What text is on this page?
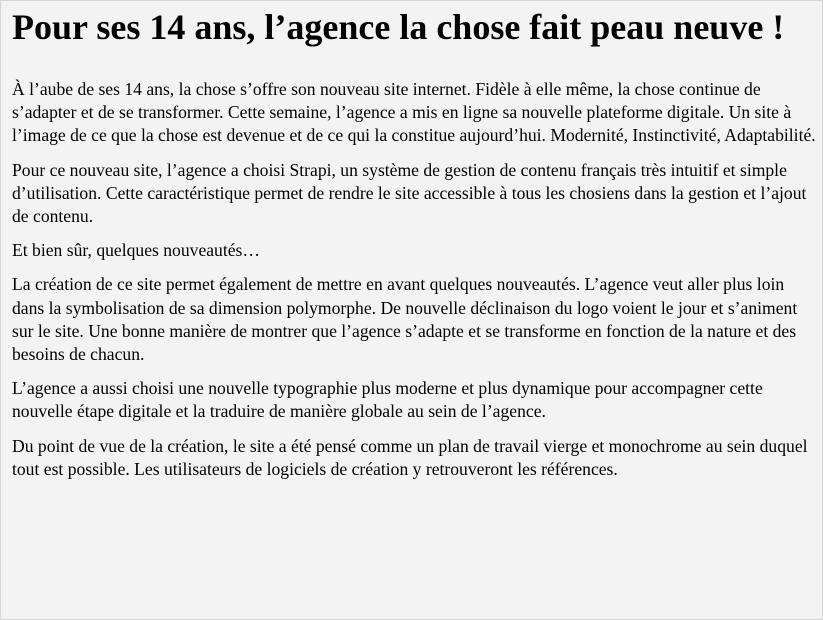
Pour ses 14 ans, l’agence la chose fait peau neuve !

À l’aube de ses 14 ans, la chose s’offre son nouveau site internet. Fidèle à elle même, la chose continue de s’adapter et de se transformer. Cette semaine, l’agence a mis en ligne sa nouvelle plateforme digitale. Un site à l’image de ce que la chose est devenue et de ce qui la constitue aujourd’hui. Modernité, Instinctivité, Adaptabilité.

Pour ce nouveau site, l’agence a choisi Strapi, un système de gestion de contenu français très intuitif et simple d’utilisation. Cette caractéristique permet de rendre le site accessible à tous les chosiens dans la gestion et l’ajout de contenu.

Et bien sûr, quelques nouveautés…

La création de ce site permet également de mettre en avant quelques nouveautés. L’agence veut aller plus loin dans la symbolisation de sa dimension polymorphe. De nouvelle déclinaison du logo voient le jour et s’animent sur le site. Une bonne manière de montrer que l’agence s’adapte et se transforme en fonction de la nature et des besoins de chacun.

L’agence a aussi choisi une nouvelle typographie plus moderne et plus dynamique pour accompagner cette nouvelle étape digitale et la traduire de manière globale au sein de l’agence.

Du point de vue de la création, le site a été pensé comme un plan de travail vierge et monochrome au sein duquel tout est possible. Les utilisateurs de logiciels de création y retrouveront les références.
